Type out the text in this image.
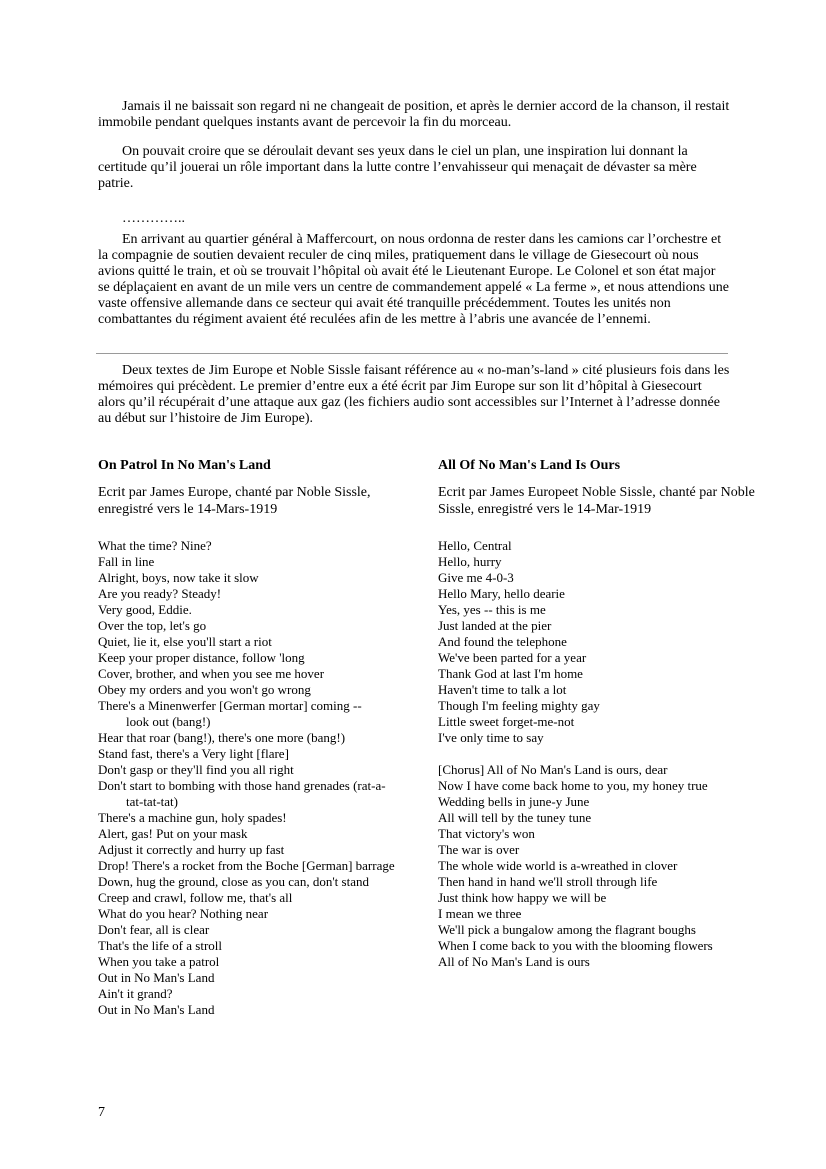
Jamais il ne baissait son regard ni ne changeait de position, et après le dernier accord de la chanson, il restait immobile pendant quelques instants avant de percevoir la fin du morceau.

On pouvait croire que se déroulait devant ses yeux dans le ciel un plan, une inspiration lui donnant la certitude qu’il jouerai un rôle important dans la lutte contre l’envahisseur qui menaçait de dévaster sa mère patrie.

…………..

En arrivant au quartier général à Maffercourt, on nous ordonna de rester dans les camions car l’orchestre et la compagnie de soutien devaient reculer de cinq miles, pratiquement dans le village de Giesecourt où nous avions quitté le train, et où se trouvait l’hôpital où avait été le Lieutenant Europe. Le Colonel et son état major se déplaçaient en avant de un mile vers un centre de commandement appelé « La ferme », et nous attendions une vaste offensive allemande dans ce secteur qui avait été tranquille précédemment. Toutes les unités non combattantes du régiment avaient été reculées afin de les mettre à l’abris une avancée de l’ennemi.

Deux textes de Jim Europe et Noble Sissle faisant référence au « no-man’s-land » cité plusieurs fois dans les mémoires qui précèdent. Le premier d’entre eux a été écrit par Jim Europe sur son lit d’hôpital à Giesecourt alors qu’il récupérait d’une attaque aux gaz (les fichiers audio sont accessibles sur l’Internet à l’adresse donnée au début sur l’histoire de Jim Europe).

On Patrol In No Man's Land

Ecrit par James Europe, chanté par Noble Sissle, enregistré vers le 14-Mars-1919

What the time? Nine?
Fall in line
Alright, boys, now take it slow
Are you ready? Steady!
Very good, Eddie.
Over the top, let's go
Quiet, lie it, else you'll start a riot
Keep your proper distance, follow 'long
Cover, brother, and when you see me hover
Obey my orders and you won't go wrong
There's a Minenwerfer [German mortar] coming --
look out (bang!)
Hear that roar (bang!), there's one more (bang!)
Stand fast, there's a Very light [flare]
Don't gasp or they'll find you all right
Don't start to bombing with those hand grenades (rat-a-
tat-tat-tat)
There's a machine gun, holy spades!
Alert, gas! Put on your mask
Adjust it correctly and hurry up fast
Drop! There's a rocket from the Boche [German] barrage
Down, hug the ground, close as you can, don't stand
Creep and crawl, follow me, that's all
What do you hear? Nothing near
Don't fear, all is clear
That's the life of a stroll
When you take a patrol
Out in No Man's Land
Ain't it grand?
Out in No Man's Land
All Of No Man's Land Is Ours

Ecrit par James Europeet Noble Sissle, chanté par Noble Sissle, enregistré vers le 14-Mar-1919

Hello, Central
Hello, hurry
Give me 4-0-3
Hello Mary, hello dearie
Yes, yes -- this is me
Just landed at the pier
And found the telephone
We've been parted for a year
Thank God at last I'm home
Haven't time to talk a lot
Though I'm feeling mighty gay
Little sweet forget-me-not
I've only time to say
[Chorus] All of No Man's Land is ours, dear
Now I have come back home to you, my honey true
Wedding bells in june-y June
All will tell by the tuney tune
That victory's won
The war is over
The whole wide world is a-wreathed in clover
Then hand in hand we'll stroll through life
Just think how happy we will be
I mean we three
We'll pick a bungalow among the flagrant boughs
When I come back to you with the blooming flowers
All of No Man's Land is ours
7
